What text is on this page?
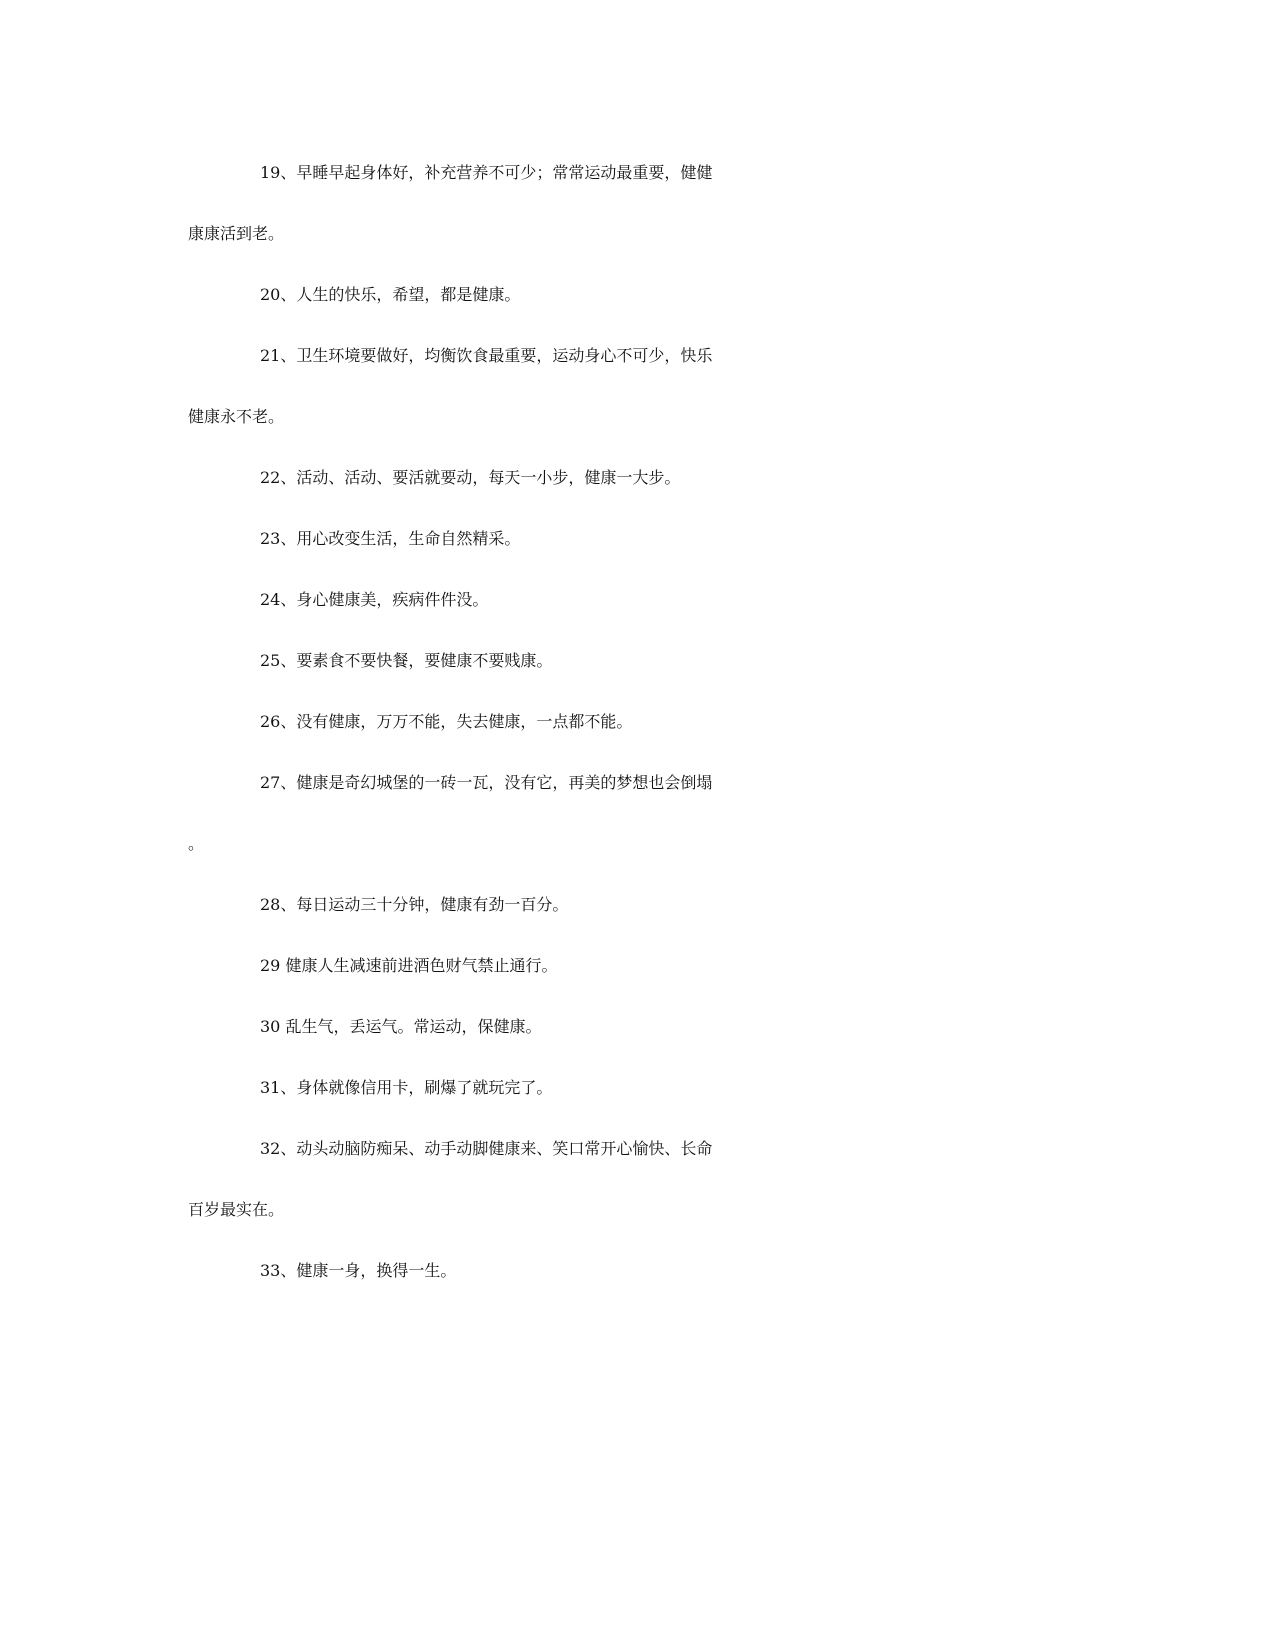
19、早睡早起身体好，补充营养不可少；常常运动最重要，健健
康康活到老。
20、人生的快乐，希望，都是健康。
21、卫生环境要做好，均衡饮食最重要，运动身心不可少，快乐
健康永不老。
22、活动、活动、要活就要动，每天一小步，健康一大步。
23、用心改变生活，生命自然精采。
24、身心健康美，疾病件件没。
25、要素食不要快餐，要健康不要贱康。
26、没有健康，万万不能，失去健康，一点都不能。
27、健康是奇幻城堡的一砖一瓦，没有它，再美的梦想也会倒塌
。
28、每日运动三十分钟，健康有劲一百分。
29 健康人生减速前进酒色财气禁止通行。
30 乱生气，丢运气。常运动，保健康。
31、身体就像信用卡，刷爆了就玩完了。
32、动头动脑防痴呆、动手动脚健康来、笑口常开心愉快、长命
百岁最实在。
33、健康一身，换得一生。
